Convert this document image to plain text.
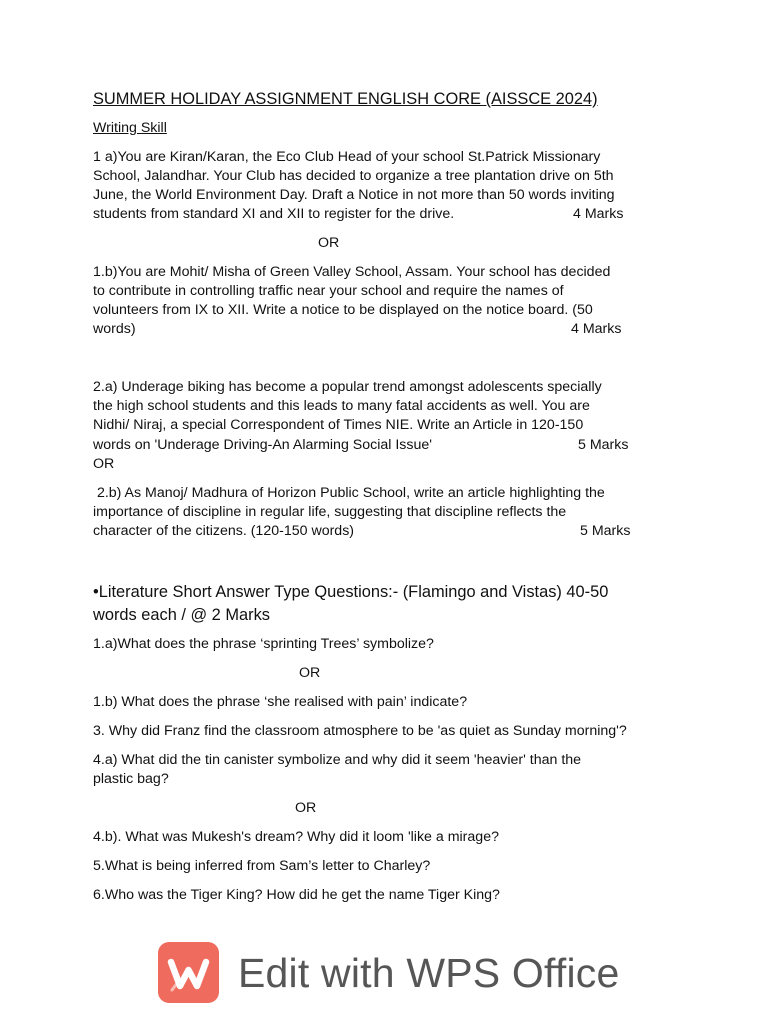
SUMMER HOLIDAY ASSIGNMENT ENGLISH CORE (AISSCE 2024)

Writing Skill

1 a)You are Kiran/Karan, the Eco Club Head of your school St.Patrick Missionary

School, Jalandhar. Your Club has decided to organize a tree plantation drive on 5th

June, the World Environment Day. Draft a Notice in not more than 50 words inviting

students from standard XI and XII to register for the drive.	4 Marks

OR

1.b)You are Mohit/ Misha of Green Valley School, Assam. Your school has decided

to contribute in controlling traffic near your school and require the names of

volunteers from IX to XII. Write a notice to be displayed on the notice board. (50

words)	4 Marks

2.a) Underage biking has become a popular trend amongst adolescents specially

the high school students and this leads to many fatal accidents as well. You are

Nidhi/ Niraj, a special Correspondent of Times NIE. Write an Article in 120-150

words on 'Underage Driving-An Alarming Social Issue'	5 Marks

OR

2.b) As Manoj/ Madhura of Horizon Public School, write an article highlighting the

importance of discipline in regular life, suggesting that discipline reflects the

character of the citizens. (120-150 words)	5 Marks

•Literature Short Answer Type Questions:- (Flamingo and Vistas) 40-50

words each / @ 2 Marks

1.a)What does the phrase ‘sprinting Trees’ symbolize?

OR

1.b) What does the phrase ‘she realised with pain’ indicate?

3. Why did Franz find the classroom atmosphere to be 'as quiet as Sunday morning'?

4.a) What did the tin canister symbolize and why did it seem 'heavier' than the

plastic bag?

OR

4.b). What was Mukesh's dream? Why did it loom 'like a mirage?

5.What is being inferred from Sam’s letter to Charley?

6.Who was the Tiger King? How did he get the name Tiger King?

Edit with WPS Office
